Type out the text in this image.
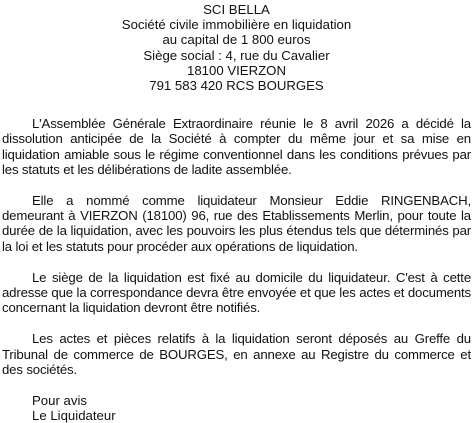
SCI BELLA
Société civile immobilière en liquidation
au capital de 1 800 euros
Siège social : 4, rue du Cavalier
18100 VIERZON
791 583 420 RCS BOURGES

L'Assemblée Générale Extraordinaire réunie le 8 avril 2026 a décidé la dissolution anticipée de la Société à compter du même jour et sa mise en liquidation amiable sous le régime conventionnel dans les conditions prévues par les statuts et les délibérations de ladite assemblée.

Elle a nommé comme liquidateur Monsieur Eddie RINGENBACH, demeurant à VIERZON (18100) 96, rue des Etablissements Merlin, pour toute la durée de la liquidation, avec les pouvoirs les plus étendus tels que déterminés par la loi et les statuts pour procéder aux opérations de liquidation.

Le siège de la liquidation est fixé au domicile du liquidateur. C'est à cette adresse que la correspondance devra être envoyée et que les actes et documents concernant la liquidation devront être notifiés.

Les actes et pièces relatifs à la liquidation seront déposés au Greffe du Tribunal de commerce de BOURGES, en annexe au Registre du commerce et des sociétés.

Pour avis
Le Liquidateur
